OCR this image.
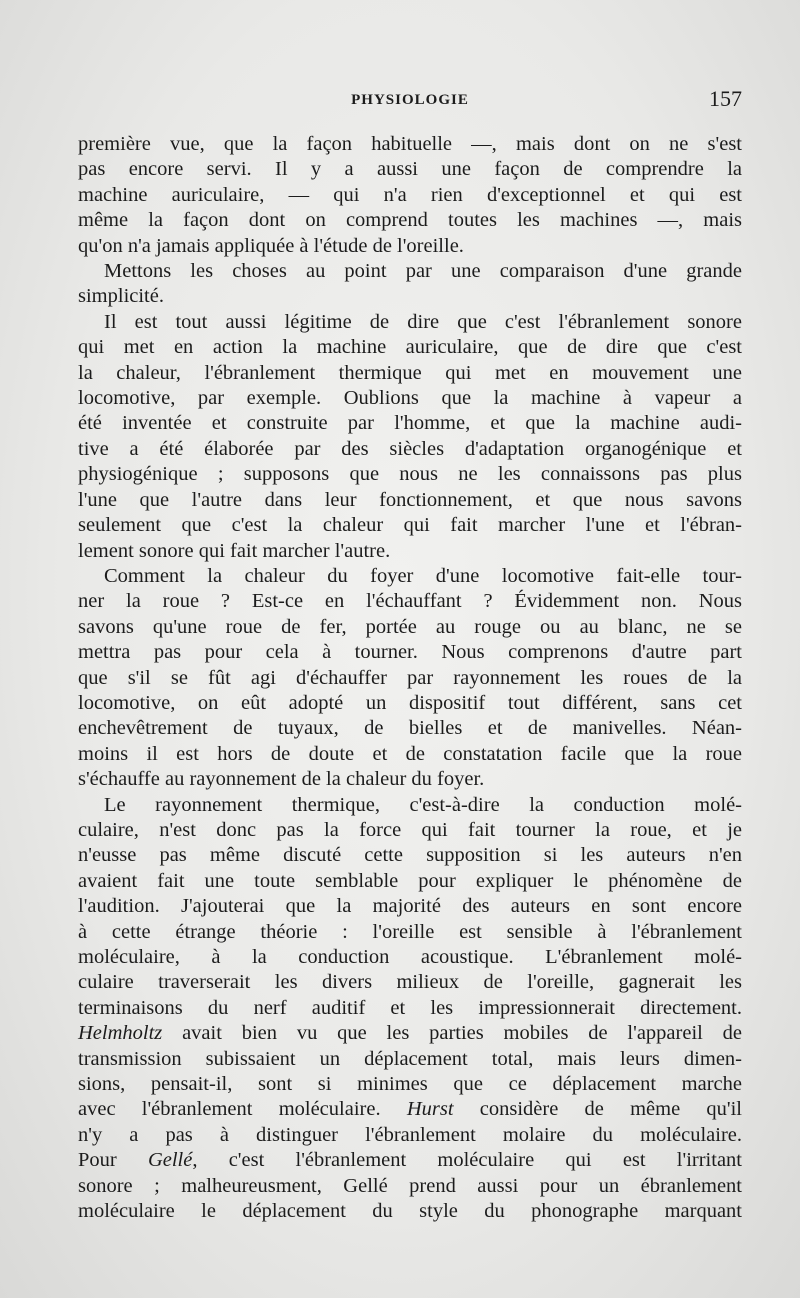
PHYSIOLOGIE	157

première vue, que la façon habituelle —, mais dont on ne s'est

pas encore servi. Il y a aussi une façon de comprendre la

machine auriculaire, — qui n'a rien d'exceptionnel et qui est

même la façon dont on comprend toutes les machines —, mais

qu'on n'a jamais appliquée à l'étude de l'oreille.

Mettons les choses au point par une comparaison d'une grande

simplicité.

Il est tout aussi légitime de dire que c'est l'ébranlement sonore

qui met en action la machine auriculaire, que de dire que c'est

la chaleur, l'ébranlement thermique qui met en mouvement une

locomotive, par exemple. Oublions que la machine à vapeur a

été inventée et construite par l'homme, et que la machine audi-

tive a été élaborée par des siècles d'adaptation organogénique et

physiogénique ; supposons que nous ne les connaissons pas plus

l'une que l'autre dans leur fonctionnement, et que nous savons

seulement que c'est la chaleur qui fait marcher l'une et l'ébran-

lement sonore qui fait marcher l'autre.

Comment la chaleur du foyer d'une locomotive fait-elle tour-

ner la roue ? Est-ce en l'échauffant ? Évidemment non. Nous

savons qu'une roue de fer, portée au rouge ou au blanc, ne se

mettra pas pour cela à tourner. Nous comprenons d'autre part

que s'il se fût agi d'échauffer par rayonnement les roues de la

locomotive, on eût adopté un dispositif tout différent, sans cet

enchevêtrement de tuyaux, de bielles et de manivelles. Néan-

moins il est hors de doute et de constatation facile que la roue

s'échauffe au rayonnement de la chaleur du foyer.

Le rayonnement thermique, c'est-à-dire la conduction molé-

culaire, n'est donc pas la force qui fait tourner la roue, et je

n'eusse pas même discuté cette supposition si les auteurs n'en

avaient fait une toute semblable pour expliquer le phénomène de

l'audition. J'ajouterai que la majorité des auteurs en sont encore

à cette étrange théorie : l'oreille est sensible à l'ébranlement

moléculaire, à la conduction acoustique. L'ébranlement molé-

culaire traverserait les divers milieux de l'oreille, gagnerait les

terminaisons du nerf auditif et les impressionnerait directement.

Helmholtz avait bien vu que les parties mobiles de l'appareil de

transmission subissaient un déplacement total, mais leurs dimen-

sions, pensait-il, sont si minimes que ce déplacement marche

avec l'ébranlement moléculaire. Hurst considère de même qu'il

n'y a pas à distinguer l'ébranlement molaire du moléculaire.

Pour Gellé, c'est l'ébranlement moléculaire qui est l'irritant

sonore ; malheureusment, Gellé prend aussi pour un ébranlement

moléculaire le déplacement du style du phonographe marquant
